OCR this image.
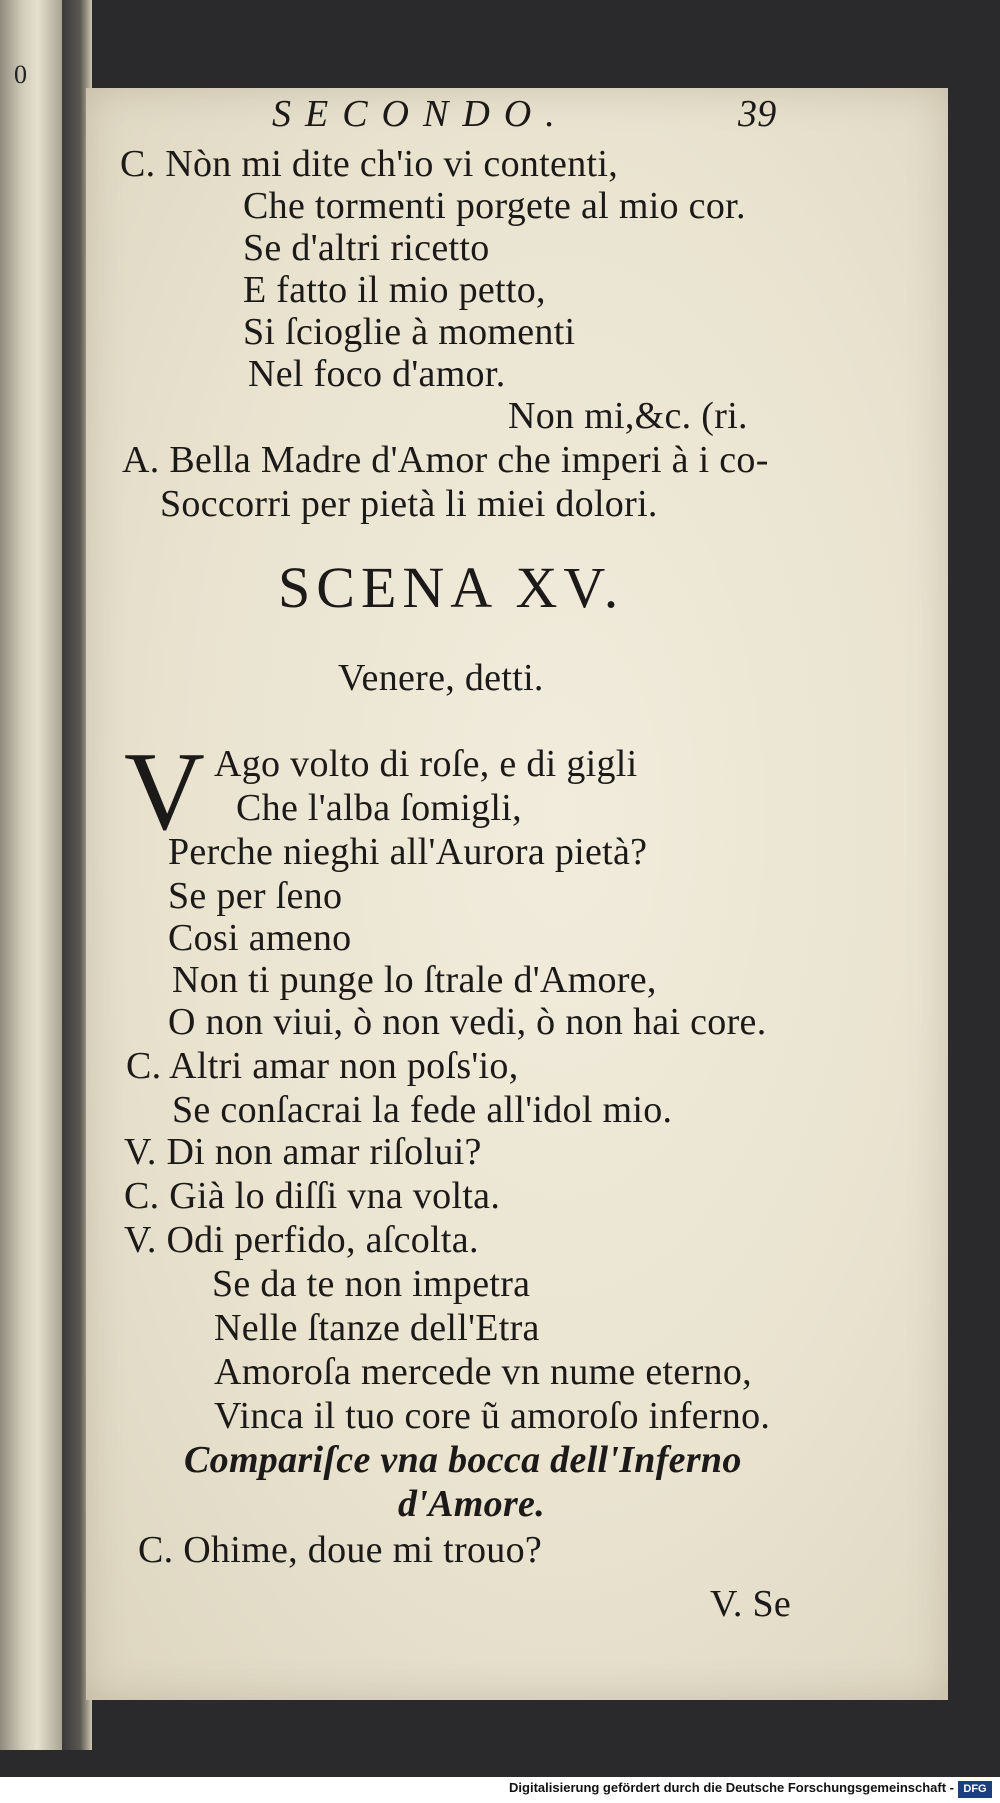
0
SECONDO.	39
C. Nòn mi dite ch'io vi contenti,
Che tormenti porgete al mio cor.
Se d'altri ricetto
E fatto il mio petto,
Si ſcioglie à momenti
Nel foco d'amor.
Non mi,&c. (ri.
A. Bella Madre d'Amor che imperi à i co-
Soccorri per pietà li miei dolori.
SCENA XV.
Venere, detti.
V Ago volto di roſe, e di gigli
Che l'alba ſomigli,
Perche nieghi all'Aurora pietà?
Se per ſeno
Cosi ameno
Non ti punge lo ſtrale d'Amore,
O non viui, ò non vedi, ò non hai core.
C. Altri amar non poſs'io,
Se conſacrai la fede all'idol mio.
V. Di non amar riſolui?
C. Già lo diſſi vna volta.
V. Odi perfido, aſcolta.
Se da te non impetra
Nelle ſtanze dell'Etra
Amoroſa mercede vn nume eterno,
Vinca il tuo core ũ amoroſo inferno.
Compariſce vna bocca dell'Inferno
d'Amore.
C. Ohime, doue mi trouo?
V. Se
Digitalisierung gefördert durch die Deutsche Forschungsgemeinschaft - DFG
